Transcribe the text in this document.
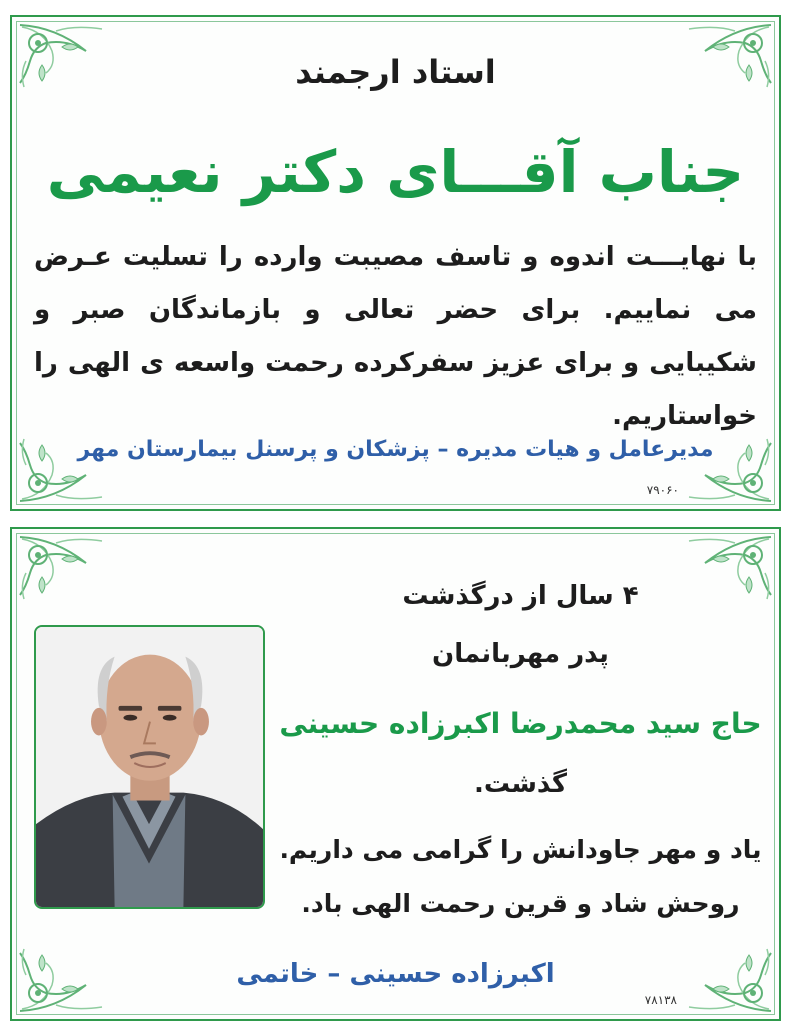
استاد ارجمند
جناب آقـــای دکتر نعیمی
با نهایـــت اندوه و تاسف مصیبت وارده را تسلیت عـرض می نماییم. برای حضر تعالی و بازماندگان صبر و شکیبایی و برای عزیز سفرکرده رحمت واسعه ی الهی را خواستاریم.
مدیرعامل و هیات مدیره – پزشکان و پرسنل بیمارستان مهر
۷۹۰۶۰
۴ سال از درگذشت
پدر مهربانمان
حاج سید محمدرضا اکبرزاده حسینی
گذشت.
یاد و مهر جاودانش را گرامی می داریم.
روحش شاد و قرین رحمت الهی باد.
اکبرزاده حسینی – خاتمی
۷۸۱۳۸
